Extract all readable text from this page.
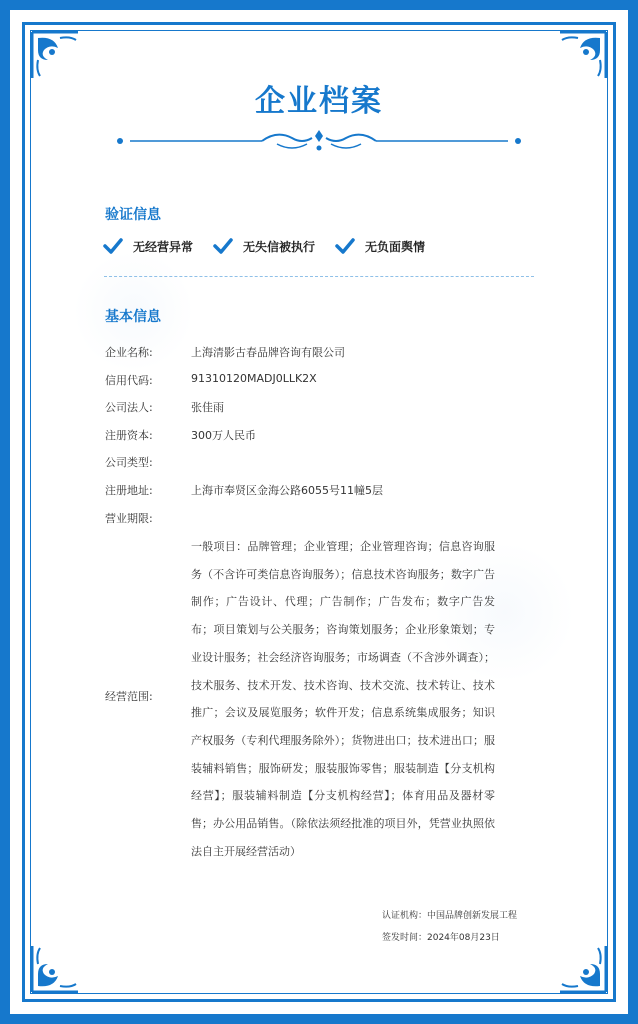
企业档案
验证信息
无经营异常	无失信被执行	无负面舆情
基本信息
企业名称:	上海清影古春品牌咨询有限公司
信用代码:	91310120MADJ0LLK2X
公司法人:	张佳雨
注册资本:	300万人民币
公司类型:
注册地址:	上海市奉贤区金海公路6055号11幢5层
营业期限:
经营范围:
一般项目：品牌管理；企业管理；企业管理咨询；信息咨询服务（不含许可类信息咨询服务）；信息技术咨询服务；数字广告制作；广告设计、代理；广告制作；广告发布；数字广告发布；项目策划与公关服务；咨询策划服务；企业形象策划；专业设计服务；社会经济咨询服务；市场调查（不含涉外调查）；技术服务、技术开发、技术咨询、技术交流、技术转让、技术推广；会议及展览服务；软件开发；信息系统集成服务；知识产权服务（专利代理服务除外）；货物进出口；技术进出口；服装辅料销售；服饰研发；服装服饰零售；服装制造【分支机构经营】；服装辅料制造【分支机构经营】；体育用品及器材零售；办公用品销售。（除依法须经批准的项目外，凭营业执照依法自主开展经营活动）
认证机构：中国品牌创新发展工程
签发时间：2024年08月23日
